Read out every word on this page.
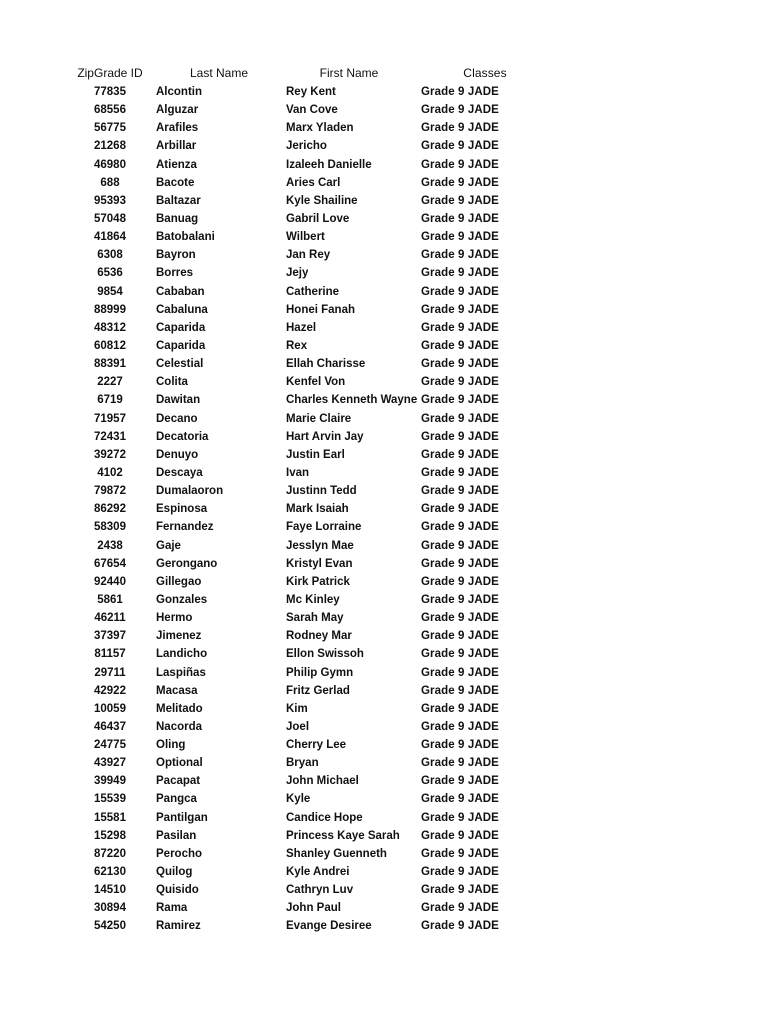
ZipGrade ID	Last Name	First Name	Classes
77835	Alcontin	Rey Kent	Grade 9 JADE
68556	Alguzar	Van Cove	Grade 9 JADE
56775	Arafiles	Marx Yladen	Grade 9 JADE
21268	Arbillar	Jericho	Grade 9 JADE
46980	Atienza	Izaleeh Danielle	Grade 9 JADE
688	Bacote	Aries Carl	Grade 9 JADE
95393	Baltazar	Kyle Shailine	Grade 9 JADE
57048	Banuag	Gabril Love	Grade 9 JADE
41864	Batobalani	Wilbert	Grade 9 JADE
6308	Bayron	Jan Rey	Grade 9 JADE
6536	Borres	Jejy	Grade 9 JADE
9854	Cababan	Catherine	Grade 9 JADE
88999	Cabaluna	Honei Fanah	Grade 9 JADE
48312	Caparida	Hazel	Grade 9 JADE
60812	Caparida	Rex	Grade 9 JADE
88391	Celestial	Ellah Charisse	Grade 9 JADE
2227	Colita	Kenfel Von	Grade 9 JADE
6719	Dawitan	Charles Kenneth Wayne Grade 9 JADE
71957	Decano	Marie Claire	Grade 9 JADE
72431	Decatoria	Hart Arvin Jay	Grade 9 JADE
39272	Denuyo	Justin Earl	Grade 9 JADE
4102	Descaya	Ivan	Grade 9 JADE
79872	Dumalaoron	Justinn Tedd	Grade 9 JADE
86292	Espinosa	Mark Isaiah	Grade 9 JADE
58309	Fernandez	Faye Lorraine	Grade 9 JADE
2438	Gaje	Jesslyn Mae	Grade 9 JADE
67654	Gerongano	Kristyl Evan	Grade 9 JADE
92440	Gillegao	Kirk Patrick	Grade 9 JADE
5861	Gonzales	Mc Kinley	Grade 9 JADE
46211	Hermo	Sarah May	Grade 9 JADE
37397	Jimenez	Rodney Mar	Grade 9 JADE
81157	Landicho	Ellon Swissoh	Grade 9 JADE
29711	Laspiñas	Philip Gymn	Grade 9 JADE
42922	Macasa	Fritz Gerlad	Grade 9 JADE
10059	Melitado	Kim	Grade 9 JADE
46437	Nacorda	Joel	Grade 9 JADE
24775	Oling	Cherry Lee	Grade 9 JADE
43927	Optional	Bryan	Grade 9 JADE
39949	Pacapat	John Michael	Grade 9 JADE
15539	Pangca	Kyle	Grade 9 JADE
15581	Pantilgan	Candice Hope	Grade 9 JADE
15298	Pasilan	Princess Kaye Sarah Grade 9 JADE
87220	Perocho	Shanley Guenneth	Grade 9 JADE
62130	Quilog	Kyle Andrei	Grade 9 JADE
14510	Quisido	Cathryn Luv	Grade 9 JADE
30894	Rama	John Paul	Grade 9 JADE
54250	Ramirez	Evange Desiree	Grade 9 JADE
